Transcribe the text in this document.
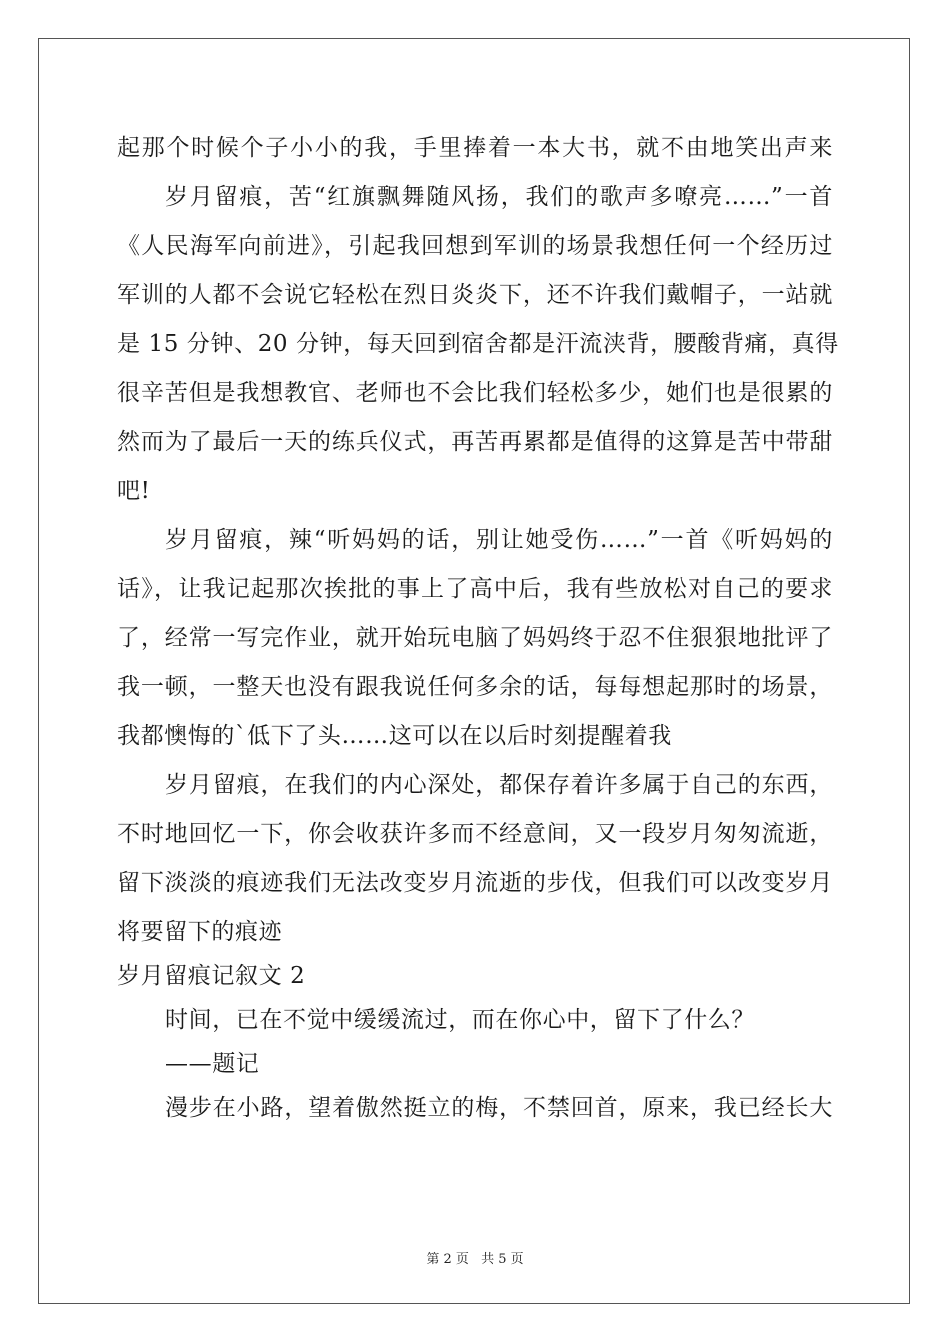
起那个时候个子小小的我，手里捧着一本大书，就不由地笑出声来
岁月留痕，苦“红旗飘舞随风扬，我们的歌声多嘹亮……”一首
《人民海军向前进》，引起我回想到军训的场景我想任何一个经历过
军训的人都不会说它轻松在烈日炎炎下，还不许我们戴帽子，一站就
是 15 分钟、20 分钟，每天回到宿舍都是汗流浃背，腰酸背痛，真得
很辛苦但是我想教官、老师也不会比我们轻松多少，她们也是很累的
然而为了最后一天的练兵仪式，再苦再累都是值得的这算是苦中带甜
吧!
岁月留痕，辣“听妈妈的话，别让她受伤……”一首《听妈妈的
话》，让我记起那次挨批的事上了高中后，我有些放松对自己的要求
了，经常一写完作业，就开始玩电脑了妈妈终于忍不住狠狠地批评了
我一顿，一整天也没有跟我说任何多余的话，每每想起那时的场景，
我都懊悔的`低下了头……这可以在以后时刻提醒着我
岁月留痕，在我们的内心深处，都保存着许多属于自己的东西，
不时地回忆一下，你会收获许多而不经意间，又一段岁月匆匆流逝，
留下淡淡的痕迹我们无法改变岁月流逝的步伐，但我们可以改变岁月
将要留下的痕迹
岁月留痕记叙文 2
时间，已在不觉中缓缓流过，而在你心中，留下了什么？
——题记
漫步在小路，望着傲然挺立的梅，不禁回首，原来，我已经长大
第 2 页 共 5 页
